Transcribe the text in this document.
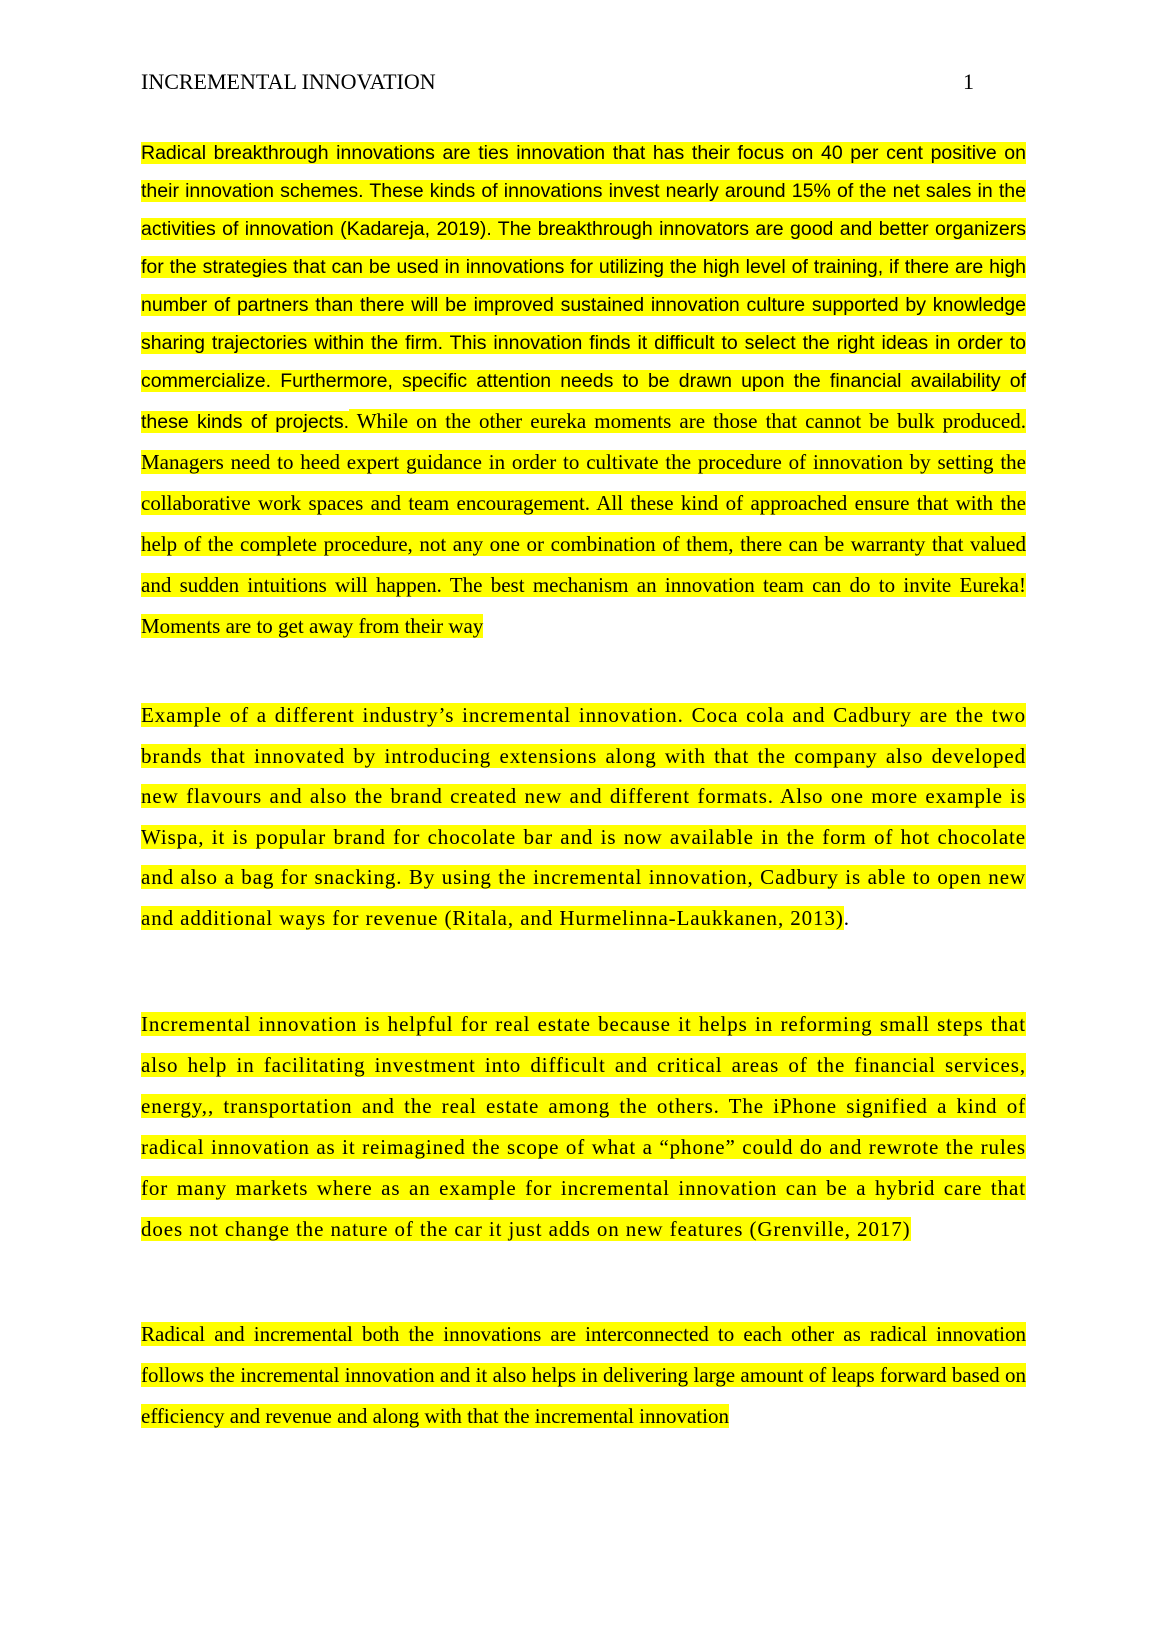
INCREMENTAL INNOVATION	1

Radical breakthrough innovations are ties innovation that has their focus on 40 per cent positive on their innovation schemes. These kinds of innovations invest nearly around 15% of the net sales in the activities of innovation (Kadareja, 2019). The breakthrough innovators are good and better organizers for the strategies that can be used in innovations for utilizing the high level of training, if there are high number of partners than there will be improved sustained innovation culture supported by knowledge sharing trajectories within the firm. This innovation finds it difficult to select the right ideas in order to commercialize. Furthermore, specific attention needs to be drawn upon the financial availability of these kinds of projects. While on the other eureka moments are those that cannot be bulk produced. Managers need to heed expert guidance in order to cultivate the procedure of innovation by setting the collaborative work spaces and team encouragement. All these kind of approached ensure that with the help of the complete procedure, not any one or combination of them, there can be warranty that valued and sudden intuitions will happen. The best mechanism an innovation team can do to invite Eureka! Moments are to get away from their way

Example of a different industry’s incremental innovation. Coca cola and Cadbury are the two brands that innovated by introducing extensions along with that the company also developed new flavours and also the brand created new and different formats. Also one more example is Wispa, it is popular brand for chocolate bar and is now available in the form of hot chocolate and also a bag for snacking. By using the incremental innovation, Cadbury is able to open new and additional ways for revenue (Ritala, and Hurmelinna-Laukkanen, 2013).

Incremental innovation is helpful for real estate because it helps in reforming small steps that also help in facilitating investment into difficult and critical areas of the financial services, energy,, transportation and the real estate among the others. The iPhone signified a kind of radical innovation as it reimagined the scope of what a “phone” could do and rewrote the rules for many markets where as an example for incremental innovation can be a hybrid care that does not change the nature of the car it just adds on new features (Grenville, 2017)

Radical and incremental both the innovations are interconnected to each other as radical innovation follows the incremental innovation and it also helps in delivering large amount of leaps forward based on efficiency and revenue and along with that the incremental innovation
